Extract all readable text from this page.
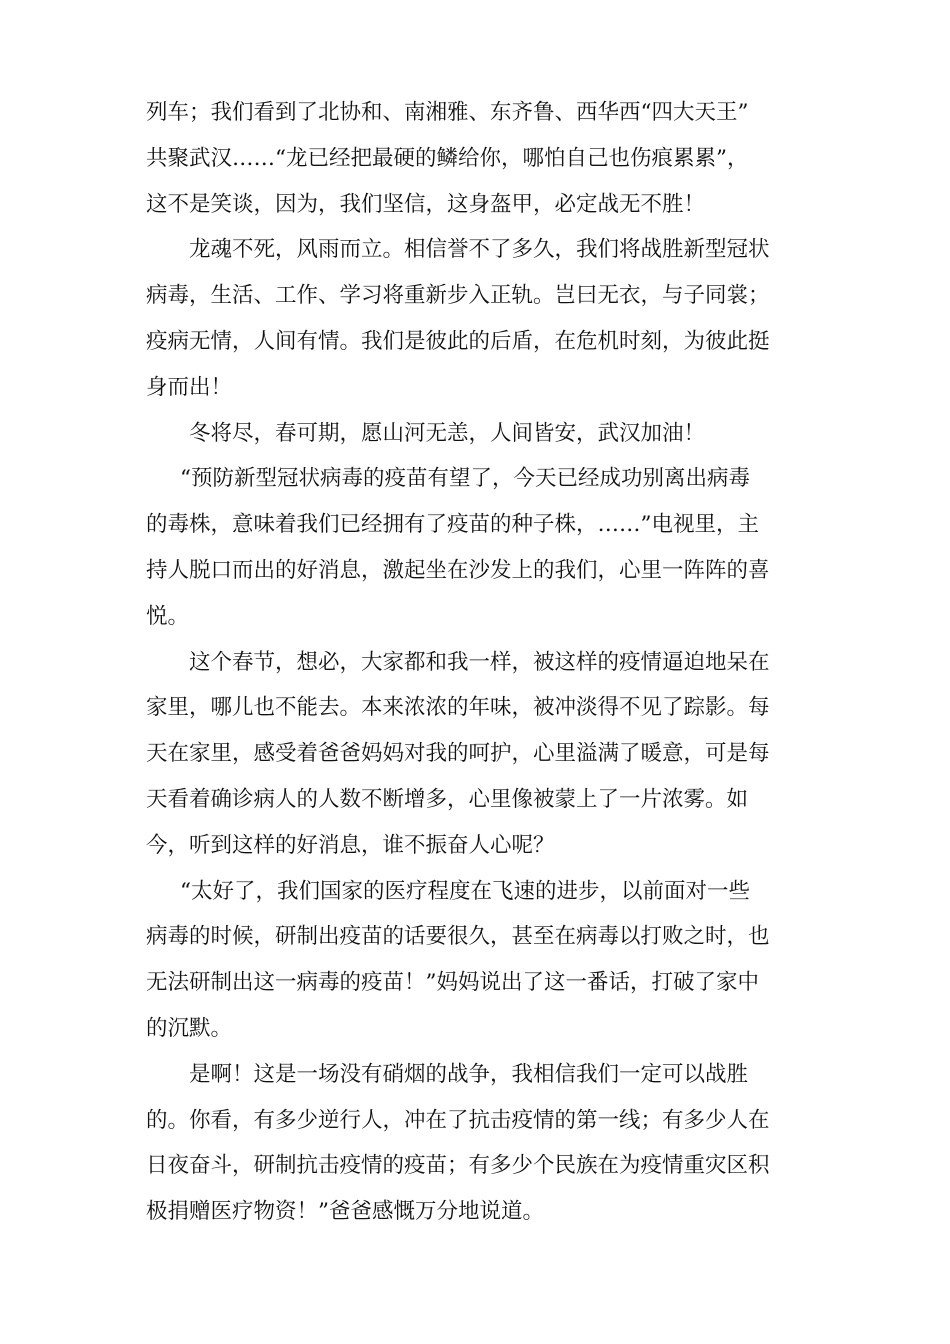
列车；我们看到了北协和、南湘雅、东齐鲁、西华西“四大天王”
共聚武汉……“龙已经把最硬的鳞给你，哪怕自己也伤痕累累”，
这不是笑谈，因为，我们坚信，这身盔甲，必定战无不胜！
龙魂不死，风雨而立。相信誉不了多久，我们将战胜新型冠状
病毒，生活、工作、学习将重新步入正轨。岂曰无衣，与子同裳；
疫病无情，人间有情。我们是彼此的后盾，在危机时刻，为彼此挺
身而出！
冬将尽，春可期，愿山河无恙，人间皆安，武汉加油！
“预防新型冠状病毒的疫苗有望了，今天已经成功别离出病毒
的毒株，意味着我们已经拥有了疫苗的种子株，……”电视里，主
持人脱口而出的好消息，激起坐在沙发上的我们，心里一阵阵的喜
悦。
这个春节，想必，大家都和我一样，被这样的疫情逼迫地呆在
家里，哪儿也不能去。本来浓浓的年味，被冲淡得不见了踪影。每
天在家里，感受着爸爸妈妈对我的呵护，心里溢满了暖意，可是每
天看着确诊病人的人数不断增多，心里像被蒙上了一片浓雾。如
今，听到这样的好消息，谁不振奋人心呢？
“太好了，我们国家的医疗程度在飞速的进步，以前面对一些
病毒的时候，研制出疫苗的话要很久，甚至在病毒以打败之时，也
无法研制出这一病毒的疫苗！”妈妈说出了这一番话，打破了家中
的沉默。
是啊！这是一场没有硝烟的战争，我相信我们一定可以战胜
的。你看，有多少逆行人，冲在了抗击疫情的第一线；有多少人在
日夜奋斗，研制抗击疫情的疫苗；有多少个民族在为疫情重灾区积
极捐赠医疗物资！”爸爸感慨万分地说道。
